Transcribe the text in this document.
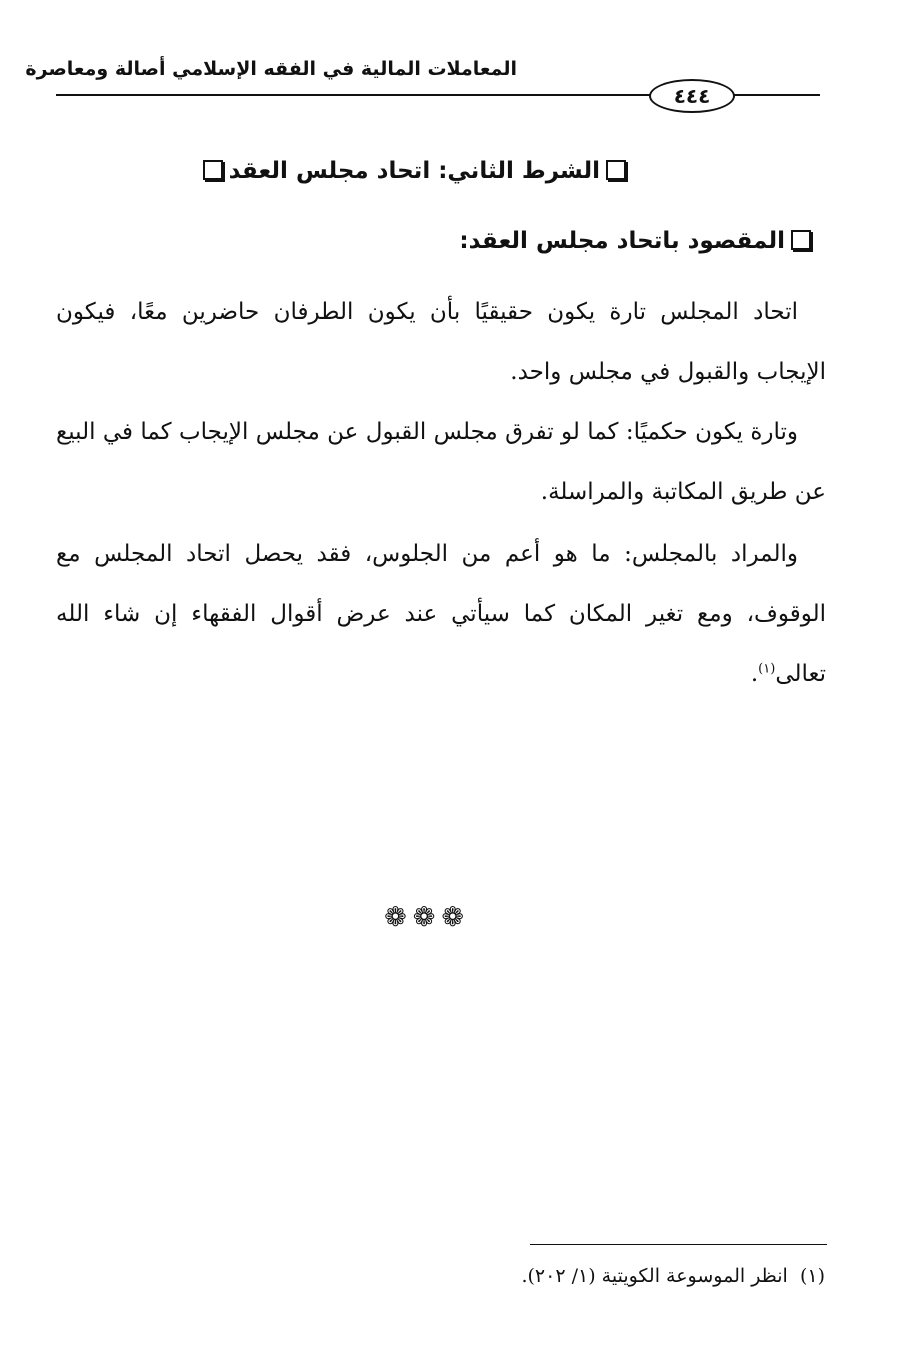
المعاملات المالية في الفقه الإسلامي أصالة ومعاصرة
٤٤٤
الشرط الثاني: اتحاد مجلس العقد
المقصود باتحاد مجلس العقد:

اتحاد المجلس تارة يكون حقيقيًا بأن يكون الطرفان حاضرين معًا، فيكون الإيجاب والقبول في مجلس واحد.

وتارة يكون حكميًا: كما لو تفرق مجلس القبول عن مجلس الإيجاب كما في البيع عن طريق المكاتبة والمراسلة.

والمراد بالمجلس: ما هو أعم من الجلوس، فقد يحصل اتحاد المجلس مع الوقوف، ومع تغير المكان كما سيأتي عند عرض أقوال الفقهاء إن شاء الله تعالى$^{(١)}$.

❁❁❁
(١)  انظر الموسوعة الكويتية (١/ ٢٠٢).
